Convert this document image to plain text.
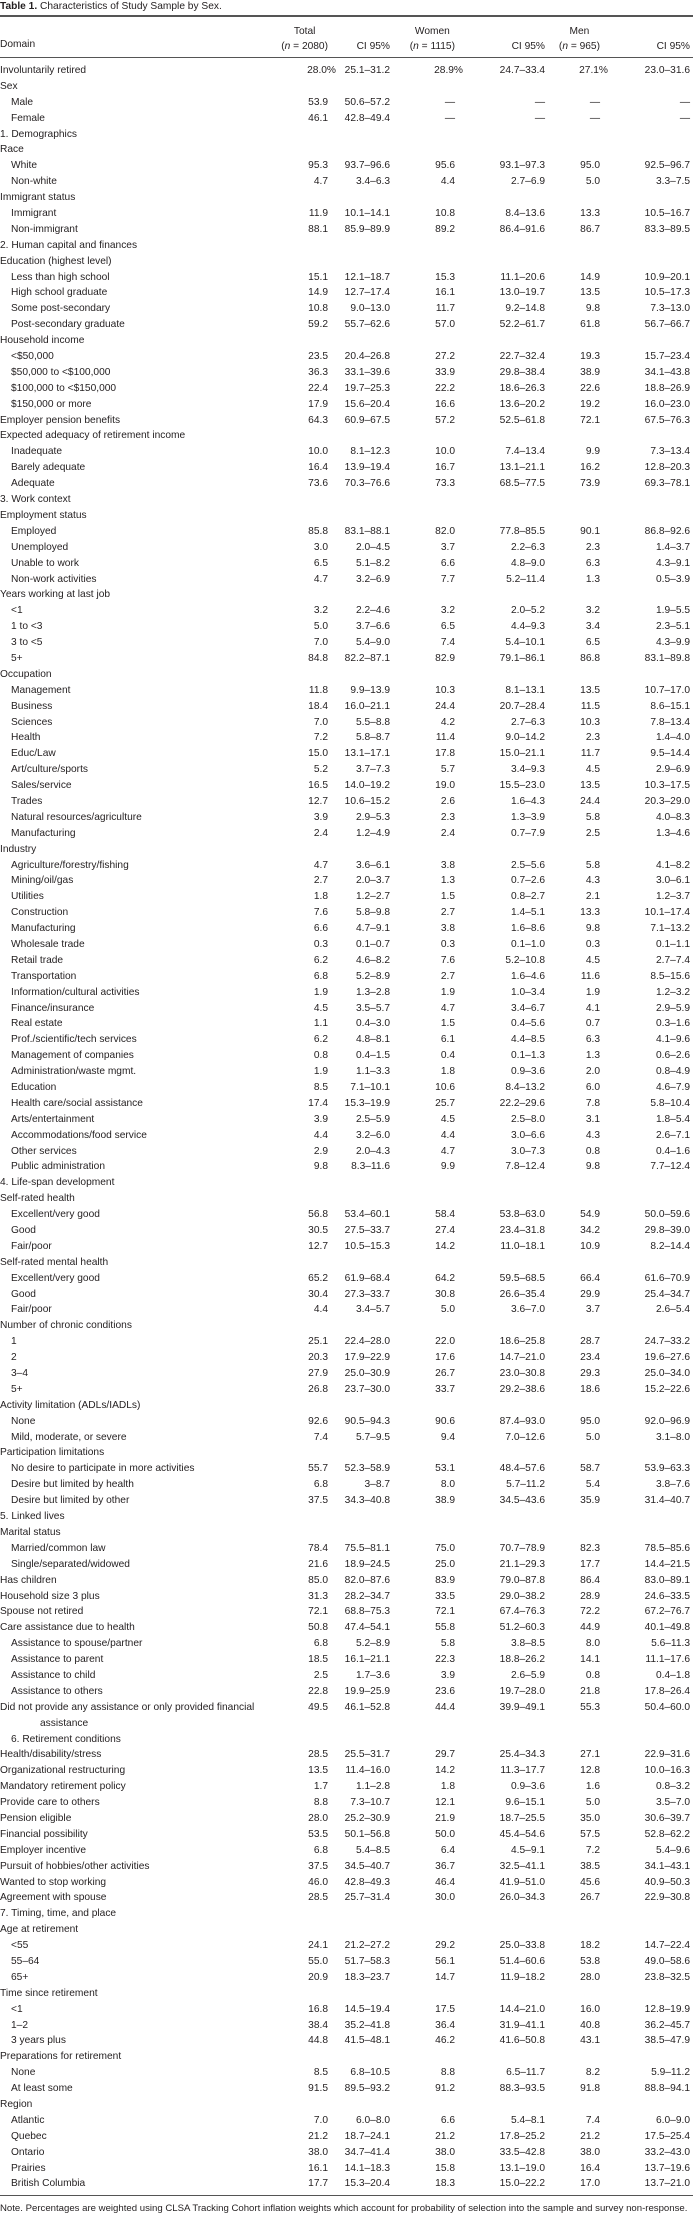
Table 1. Characteristics of Study Sample by Sex.
Domain
Total
(n = 2080)	CI 95%
Women
(n = 1115)	CI 95%
Men
(n = 965)	CI 95%
Involuntarily retired	28.0% 25.1–31.2	28.9%	24.7–33.4	27.1%	23.0–31.6
Sex
Male	53.9 50.6–57.2	—	—	—	—
Female	46.1 42.8–49.4	—	—	—	—
1. Demographics
Race
White	95.3 93.7–96.6	95.6	93.1–97.3	95.0	92.5–96.7
Non-white	4.7	3.4–6.3	4.4	2.7–6.9	5.0	3.3–7.5
Immigrant status
Immigrant	11.9 10.1–14.1	10.8	8.4–13.6	13.3	10.5–16.7
Non-immigrant	88.1 85.9–89.9	89.2	86.4–91.6	86.7	83.3–89.5
2. Human capital and finances
Education (highest level)
Less than high school	15.1 12.1–18.7	15.3	11.1–20.6	14.9	10.9–20.1
High school graduate	14.9 12.7–17.4	16.1	13.0–19.7	13.5	10.5–17.3
Some post-secondary	10.8 9.0–13.0	11.7	9.2–14.8	9.8	7.3–13.0
Post-secondary graduate	59.2 55.7–62.6	57.0	52.2–61.7	61.8	56.7–66.7
Household income
<$50,000	23.5 20.4–26.8	27.2	22.7–32.4	19.3	15.7–23.4
$50,000 to <$100,000	36.3 33.1–39.6	33.9	29.8–38.4	38.9	34.1–43.8
$100,000 to <$150,000	22.4 19.7–25.3	22.2	18.6–26.3	22.6	18.8–26.9
$150,000 or more	17.9 15.6–20.4	16.6	13.6–20.2	19.2	16.0–23.0
Employer pension benefits	64.3 60.9–67.5	57.2	52.5–61.8	72.1	67.5–76.3
Expected adequacy of retirement income
Inadequate	10.0 8.1–12.3	10.0	7.4–13.4	9.9	7.3–13.4
Barely adequate	16.4 13.9–19.4	16.7	13.1–21.1	16.2	12.8–20.3
Adequate	73.6 70.3–76.6	73.3	68.5–77.5	73.9	69.3–78.1
3. Work context
Employment status
Employed	85.8 83.1–88.1	82.0	77.8–85.5	90.1	86.8–92.6
Unemployed	3.0	2.0–4.5	3.7	2.2–6.3	2.3	1.4–3.7
Unable to work	6.5	5.1–8.2	6.6	4.8–9.0	6.3	4.3–9.1
Non-work activities	4.7	3.2–6.9	7.7	5.2–11.4	1.3	0.5–3.9
Years working at last job
<1	3.2	2.2–4.6	3.2	2.0–5.2	3.2	1.9–5.5
1 to <3	5.0	3.7–6.6	6.5	4.4–9.3	3.4	2.3–5.1
3 to <5	7.0	5.4–9.0	7.4	5.4–10.1	6.5	4.3–9.9
5+	84.8 82.2–87.1	82.9	79.1–86.1	86.8	83.1–89.8
Occupation
Management	11.8 9.9–13.9	10.3	8.1–13.1	13.5	10.7–17.0
Business	18.4 16.0–21.1	24.4	20.7–28.4	11.5	8.6–15.1
Sciences	7.0	5.5–8.8	4.2	2.7–6.3	10.3	7.8–13.4
Health	7.2	5.8–8.7	11.4	9.0–14.2	2.3	1.4–4.0
Educ/Law	15.0 13.1–17.1	17.8	15.0–21.1	11.7	9.5–14.4
Art/culture/sports	5.2	3.7–7.3	5.7	3.4–9.3	4.5	2.9–6.9
Sales/service	16.5 14.0–19.2	19.0	15.5–23.0	13.5	10.3–17.5
Trades	12.7 10.6–15.2	2.6	1.6–4.3	24.4	20.3–29.0
Natural resources/agriculture	3.9	2.9–5.3	2.3	1.3–3.9	5.8	4.0–8.3
Manufacturing	2.4	1.2–4.9	2.4	0.7–7.9	2.5	1.3–4.6
Industry
Agriculture/forestry/fishing	4.7	3.6–6.1	3.8	2.5–5.6	5.8	4.1–8.2
Mining/oil/gas	2.7	2.0–3.7	1.3	0.7–2.6	4.3	3.0–6.1
Utilities	1.8	1.2–2.7	1.5	0.8–2.7	2.1	1.2–3.7
Construction	7.6	5.8–9.8	2.7	1.4–5.1	13.3	10.1–17.4
Manufacturing	6.6	4.7–9.1	3.8	1.6–8.6	9.8	7.1–13.2
Wholesale trade	0.3	0.1–0.7	0.3	0.1–1.0	0.3	0.1–1.1
Retail trade	6.2	4.6–8.2	7.6	5.2–10.8	4.5	2.7–7.4
Transportation	6.8	5.2–8.9	2.7	1.6–4.6	11.6	8.5–15.6
Information/cultural activities	1.9	1.3–2.8	1.9	1.0–3.4	1.9	1.2–3.2
Finance/insurance	4.5	3.5–5.7	4.7	3.4–6.7	4.1	2.9–5.9
Real estate	1.1	0.4–3.0	1.5	0.4–5.6	0.7	0.3–1.6
Prof./scientific/tech services	6.2	4.8–8.1	6.1	4.4–8.5	6.3	4.1–9.6
Management of companies	0.8	0.4–1.5	0.4	0.1–1.3	1.3	0.6–2.6
Administration/waste mgmt.	1.9	1.1–3.3	1.8	0.9–3.6	2.0	0.8–4.9
Education	8.5 7.1–10.1	10.6	8.4–13.2	6.0	4.6–7.9
Health care/social assistance	17.4 15.3–19.9	25.7	22.2–29.6	7.8	5.8–10.4
Arts/entertainment	3.9	2.5–5.9	4.5	2.5–8.0	3.1	1.8–5.4
Accommodations/food service	4.4	3.2–6.0	4.4	3.0–6.6	4.3	2.6–7.1
Other services	2.9	2.0–4.3	4.7	3.0–7.3	0.8	0.4–1.6
Public administration	9.8 8.3–11.6	9.9	7.8–12.4	9.8	7.7–12.4
4. Life-span development
Self-rated health
Excellent/very good	56.8 53.4–60.1	58.4	53.8–63.0	54.9	50.0–59.6
Good	30.5 27.5–33.7	27.4	23.4–31.8	34.2	29.8–39.0
Fair/poor	12.7 10.5–15.3	14.2	11.0–18.1	10.9	8.2–14.4
Self-rated mental health
Excellent/very good	65.2 61.9–68.4	64.2	59.5–68.5	66.4	61.6–70.9
Good	30.4 27.3–33.7	30.8	26.6–35.4	29.9	25.4–34.7
Fair/poor	4.4	3.4–5.7	5.0	3.6–7.0	3.7	2.6–5.4
Number of chronic conditions
1	25.1 22.4–28.0	22.0	18.6–25.8	28.7	24.7–33.2
2	20.3 17.9–22.9	17.6	14.7–21.0	23.4	19.6–27.6
3–4	27.9 25.0–30.9	26.7	23.0–30.8	29.3	25.0–34.0
5+	26.8 23.7–30.0	33.7	29.2–38.6	18.6	15.2–22.6
Activity limitation (ADLs/IADLs)
None	92.6 90.5–94.3	90.6	87.4–93.0	95.0	92.0–96.9
Mild, moderate, or severe	7.4	5.7–9.5	9.4	7.0–12.6	5.0	3.1–8.0
Participation limitations
No desire to participate in more activities	55.7 52.3–58.9	53.1	48.4–57.6	58.7	53.9–63.3
Desire but limited by health	6.8	3–8.7	8.0	5.7–11.2	5.4	3.8–7.6
Desire but limited by other	37.5 34.3–40.8	38.9	34.5–43.6	35.9	31.4–40.7
5. Linked lives
Marital status
Married/common law	78.4 75.5–81.1	75.0	70.7–78.9	82.3	78.5–85.6
Single/separated/widowed	21.6 18.9–24.5	25.0	21.1–29.3	17.7	14.4–21.5
Has children	85.0 82.0–87.6	83.9	79.0–87.8	86.4	83.0–89.1
Household size 3 plus	31.3 28.2–34.7	33.5	29.0–38.2	28.9	24.6–33.5
Spouse not retired	72.1 68.8–75.3	72.1	67.4–76.3	72.2	67.2–76.7
Care assistance due to health	50.8 47.4–54.1	55.8	51.2–60.3	44.9	40.1–49.8
Assistance to spouse/partner	6.8	5.2–8.9	5.8	3.8–8.5	8.0	5.6–11.3
Assistance to parent	18.5 16.1–21.1	22.3	18.8–26.2	14.1	11.1–17.6
Assistance to child	2.5	1.7–3.6	3.9	2.6–5.9	0.8	0.4–1.8
Assistance to others	22.8 19.9–25.9	23.6	19.7–28.0	21.8	17.8–26.4
Did not provide any assistance or only provided financial assistance
49.5 46.1–52.8	44.4	39.9–49.1	55.3	50.4–60.0
6. Retirement conditions
Health/disability/stress	28.5 25.5–31.7	29.7	25.4–34.3	27.1	22.9–31.6
Organizational restructuring	13.5 11.4–16.0	14.2	11.3–17.7	12.8	10.0–16.3
Mandatory retirement policy	1.7	1.1–2.8	1.8	0.9–3.6	1.6	0.8–3.2
Provide care to others	8.8 7.3–10.7	12.1	9.6–15.1	5.0	3.5–7.0
Pension eligible	28.0 25.2–30.9	21.9	18.7–25.5	35.0	30.6–39.7
Financial possibility	53.5 50.1–56.8	50.0	45.4–54.6	57.5	52.8–62.2
Employer incentive	6.8	5.4–8.5	6.4	4.5–9.1	7.2	5.4–9.6
Pursuit of hobbies/other activities	37.5 34.5–40.7	36.7	32.5–41.1	38.5	34.1–43.1
Wanted to stop working	46.0 42.8–49.3	46.4	41.9–51.0	45.6	40.9–50.3
Agreement with spouse	28.5 25.7–31.4	30.0	26.0–34.3	26.7	22.9–30.8
7. Timing, time, and place
Age at retirement
<55	24.1 21.2–27.2	29.2	25.0–33.8	18.2	14.7–22.4
55–64	55.0 51.7–58.3	56.1	51.4–60.6	53.8	49.0–58.6
65+	20.9 18.3–23.7	14.7	11.9–18.2	28.0	23.8–32.5
Time since retirement
<1	16.8 14.5–19.4	17.5	14.4–21.0	16.0	12.8–19.9
1–2	38.4 35.2–41.8	36.4	31.9–41.1	40.8	36.2–45.7
3 years plus	44.8 41.5–48.1	46.2	41.6–50.8	43.1	38.5–47.9
Preparations for retirement
None	8.5 6.8–10.5	8.8	6.5–11.7	8.2	5.9–11.2
At least some	91.5 89.5–93.2	91.2	88.3–93.5	91.8	88.8–94.1
Region
Atlantic	7.0	6.0–8.0	6.6	5.4–8.1	7.4	6.0–9.0
Quebec	21.2 18.7–24.1	21.2	17.8–25.2	21.2	17.5–25.4
Ontario	38.0 34.7–41.4	38.0	33.5–42.8	38.0	33.2–43.0
Prairies	16.1 14.1–18.3	15.8	13.1–19.0	16.4	13.7–19.6
British Columbia	17.7 15.3–20.4	18.3	15.0–22.2	17.0	13.7–21.0
Note. Percentages are weighted using CLSA Tracking Cohort inflation weights which account for probability of selection into the sample and survey non-response.
